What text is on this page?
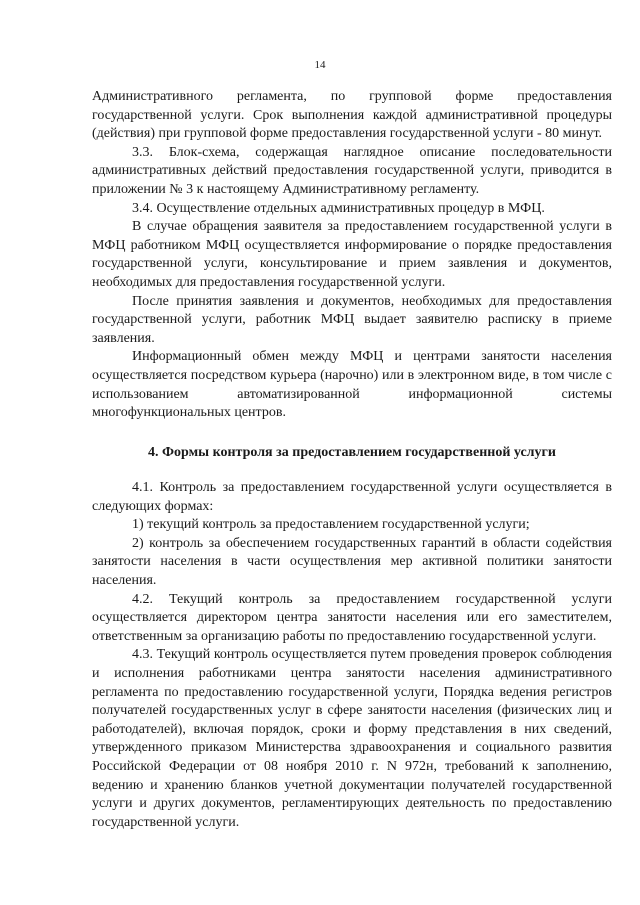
14

Административного регламента, по групповой форме предоставления государственной услуги. Срок выполнения каждой административной процедуры (действия) при групповой форме предоставления государственной услуги - 80 минут.

3.3. Блок-схема, содержащая наглядное описание последовательности административных действий предоставления государственной услуги, приводится в приложении № 3 к настоящему Административному регламенту.

3.4. Осуществление отдельных административных процедур в МФЦ.

В случае обращения заявителя за предоставлением государственной услуги в МФЦ работником МФЦ осуществляется информирование о порядке предоставления государственной услуги, консультирование и прием заявления и документов, необходимых для предоставления государственной услуги.

После принятия заявления и документов, необходимых для предоставления государственной услуги, работник МФЦ выдает заявителю расписку в приеме заявления.

Информационный обмен между МФЦ и центрами занятости населения осуществляется посредством курьера (нарочно) или в электронном виде, в том числе с использованием автоматизированной информационной системы многофункциональных центров.

4. Формы контроля за предоставлением государственной услуги

4.1. Контроль за предоставлением государственной услуги осуществляется в следующих формах:

1) текущий контроль за предоставлением государственной услуги;

2) контроль за обеспечением государственных гарантий в области содействия занятости населения в части осуществления мер активной политики занятости населения.

4.2. Текущий контроль за предоставлением государственной услуги осуществляется директором центра занятости населения или его заместителем, ответственным за организацию работы по предоставлению государственной услуги.

4.3. Текущий контроль осуществляется путем проведения проверок соблюдения и исполнения работниками центра занятости населения административного регламента по предоставлению государственной услуги, Порядка ведения регистров получателей государственных услуг в сфере занятости населения (физических лиц и работодателей), включая порядок, сроки и форму представления в них сведений, утвержденного приказом Министерства здравоохранения и социального развития Российской Федерации от 08 ноября 2010 г. N 972н, требований к заполнению, ведению и хранению бланков учетной документации получателей государственной услуги и других документов, регламентирующих деятельность по предоставлению государственной услуги.
